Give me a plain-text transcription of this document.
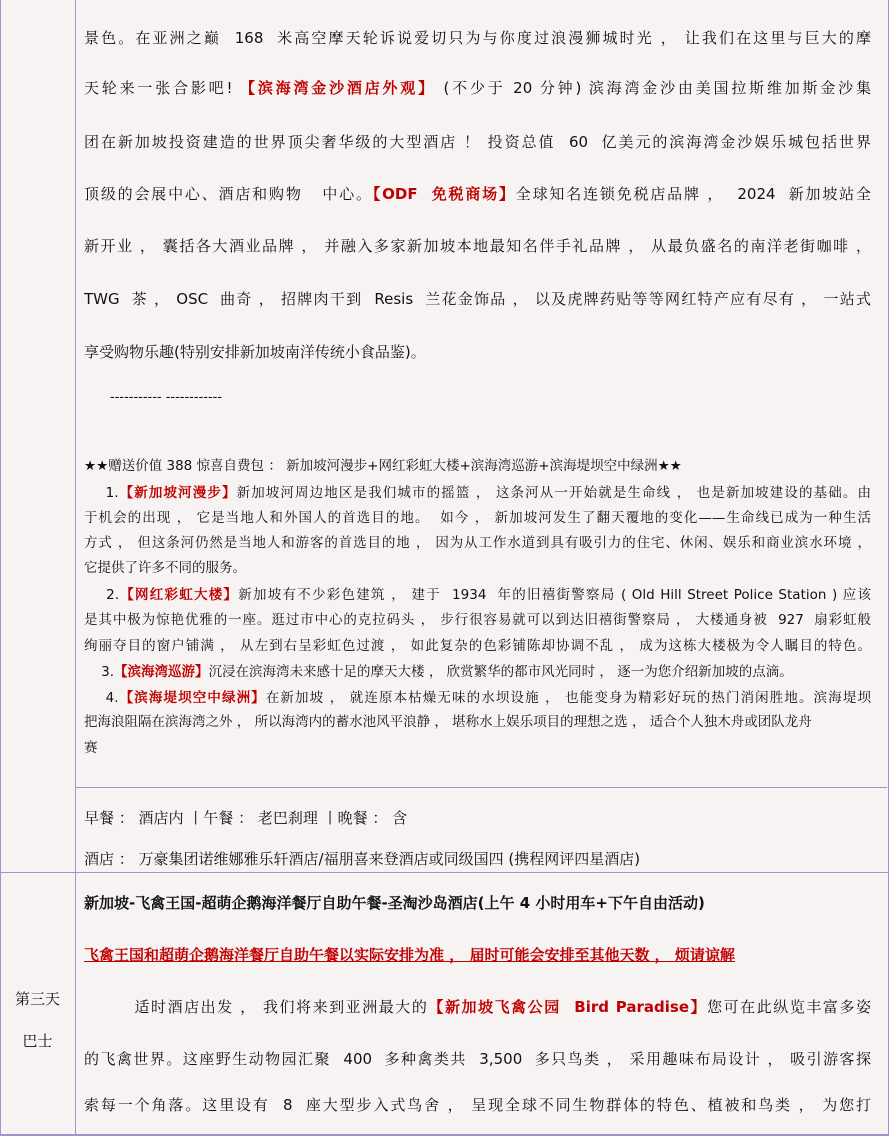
景色。在亚洲之巅  168  米高空摩天轮诉说爱切只为与你度过浪漫狮城时光 ， 让我们在这里与巨大的摩
天轮来一张合影吧! 【滨海湾金沙酒店外观】 (不少于 20 分钟) 滨海湾金沙由美国拉斯维加斯金沙集
团在新加坡投资建造的世界顶尖奢华级的大型酒店 ！ 投资总值  60  亿美元的滨海湾金沙娱乐城包括世界
顶级的会展中心、酒店和购物   中心。【ODF  免税商场】全球知名连锁免税店品牌 ，  2024  新加坡站全
新开业 ， 囊括各大酒业品牌 ， 并融入多家新加坡本地最知名伴手礼品牌 ， 从最负盛名的南洋老街咖啡 ，
TWG  茶 ， OSC  曲奇 ， 招牌肉干到  Resis  兰花金饰品 ， 以及虎牌药贴等等网红特产应有尽有 ， 一站式
享受购物乐趣(特别安排新加坡南洋传统小食品鉴)。
----------- ------------
★★赠送价值 388 惊喜自费包 ： 新加坡河漫步+网红彩虹大楼+滨海湾巡游+滨海堤坝空中绿洲★★
1.【新加坡河漫步】新加坡河周边地区是我们城市的摇篮 ， 这条河从一开始就是生命线 ， 也是新加坡建设的基础。由
于机会的出现 ， 它是当地人和外国人的首选目的地。  如今 ， 新加坡河发生了翻天覆地的变化——生命线已成为一种生活
方式 ， 但这条河仍然是当地人和游客的首选目的地 ， 因为从工作水道到具有吸引力的住宅、休闲、娱乐和商业滨水环境 ，
它提供了许多不同的服务。
2.【网红彩虹大楼】新加坡有不少彩色建筑 ， 建于  1934  年的旧禧街警察局 ( Old Hill Street Police Station ) 应该
是其中极为惊艳优雅的一座。逛过市中心的克拉码头 ， 步行很容易就可以到达旧禧街警察局 ， 大楼通身被  927  扇彩虹般
绚丽夺目的窗户铺满 ， 从左到右呈彩虹色过渡 ， 如此复杂的色彩铺陈却协调不乱 ， 成为这栋大楼极为令人瞩目的特色。
3.【滨海湾巡游】沉浸在滨海湾未来感十足的摩天大楼 ， 欣赏繁华的都市风光同时 ， 逐一为您介绍新加坡的点滴。
4.【滨海堤坝空中绿洲】在新加坡 ， 就连原本枯燥无味的水坝设施 ， 也能变身为精彩好玩的热门消闲胜地。滨海堤坝
把海浪阻隔在滨海湾之外 ， 所以海湾内的蓄水池风平浪静 ， 堪称水上娱乐项目的理想之选 ， 适合个人独木舟或团队龙舟
赛
早餐 ： 酒店内 丨午餐 ： 老巴刹理 丨晚餐 ： 含
酒店 ： 万豪集团诺维娜雅乐轩酒店/福朋喜来登酒店或同级国四 (携程网评四星酒店)
第三天
巴士
新加坡-飞禽王国-超萌企鹅海洋餐厅自助午餐-圣淘沙岛酒店(上午 4 小时用车+下午自由活动)
飞禽王国和超萌企鹅海洋餐厅自助午餐以实际安排为准 ， 届时可能会安排至其他天数 ， 烦请谅解
适时酒店出发 ， 我们将来到亚洲最大的【新加坡飞禽公园  Bird Paradise】您可在此纵览丰富多姿
的飞禽世界。这座野生动物园汇聚  400  多种禽类共  3,500  多只鸟类 ， 采用趣味布局设计 ， 吸引游客探
索每一个角落。这里设有  8  座大型步入式鸟舍 ， 呈现全球不同生物群体的特色、植被和鸟类 ， 为您打
